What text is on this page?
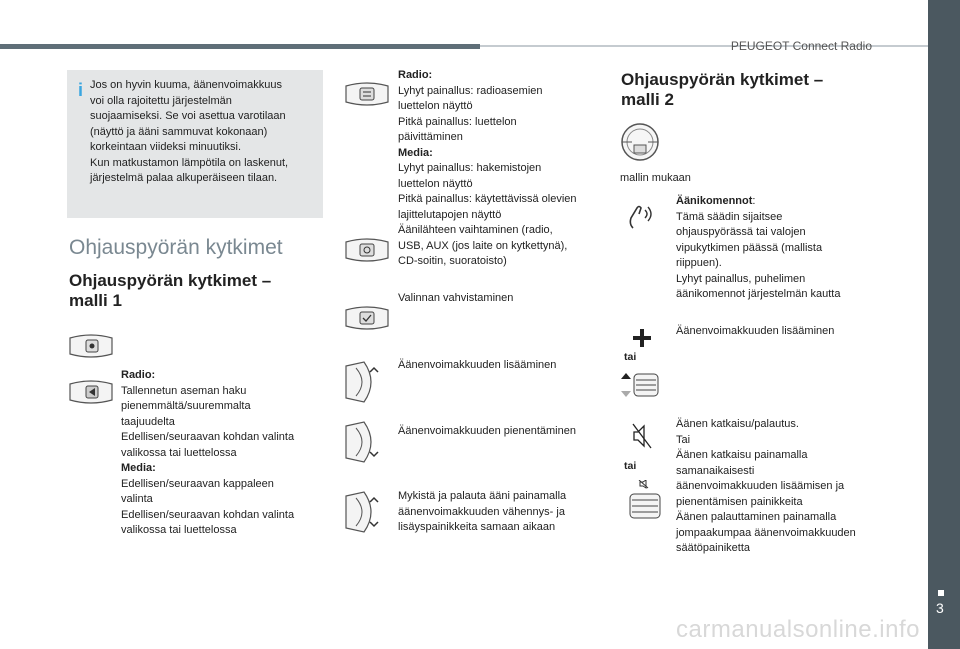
PEUGEOT Connect Radio
3
carmanualsonline.info
i Jos on hyvin kuuma, äänenvoimakkuus
voi olla rajoitettu järjestelmän
suojaamiseksi. Se voi asettua varotilaan
(näyttö ja ääni sammuvat kokonaan)
korkeintaan viideksi minuutiksi.
Kun matkustamon lämpötila on laskenut,
järjestelmä palaa alkuperäiseen tilaan.
Ohjauspyörän kytkimet
Ohjauspyörän kytkimet –
malli 1
Radio:
Tallennetun aseman haku
pienemmältä/suuremmalta
taajuudelta
Edellisen/seuraavan kohdan valinta
valikossa tai luettelossa
Media:
Edellisen/seuraavan kappaleen
valinta
Edellisen/seuraavan kohdan valinta
valikossa tai luettelossa
Radio:
Lyhyt painallus: radioasemien
luettelon näyttö
Pitkä painallus: luettelon
päivittäminen
Media:
Lyhyt painallus: hakemistojen
luettelon näyttö
Pitkä painallus: käytettävissä olevien
lajittelutapojen näyttö
Äänilähteen vaihtaminen (radio,
USB, AUX (jos laite on kytkettynä),
CD-soitin, suoratoisto)
Valinnan vahvistaminen
Äänenvoimakkuuden lisääminen
Äänenvoimakkuuden pienentäminen
Mykistä ja palauta ääni painamalla
äänenvoimakkuuden vähennys- ja
lisäyspainikkeita samaan aikaan
Ohjauspyörän kytkimet –
malli 2
mallin mukaan
Äänikomennot:
Tämä säädin sijaitsee
ohjauspyörässä tai valojen
vipukytkimen päässä (mallista
riippuen).
Lyhyt painallus, puhelimen
äänikomennot järjestelmän kautta
tai
Äänenvoimakkuuden lisääminen
tai
Äänen katkaisu/palautus.
Tai
Äänen katkaisu painamalla
samanaikaisesti
äänenvoimakkuuden lisäämisen ja
pienentämisen painikkeita
Äänen palauttaminen painamalla
jompaakumpaa äänenvoimakkuuden
säätöpainiketta
